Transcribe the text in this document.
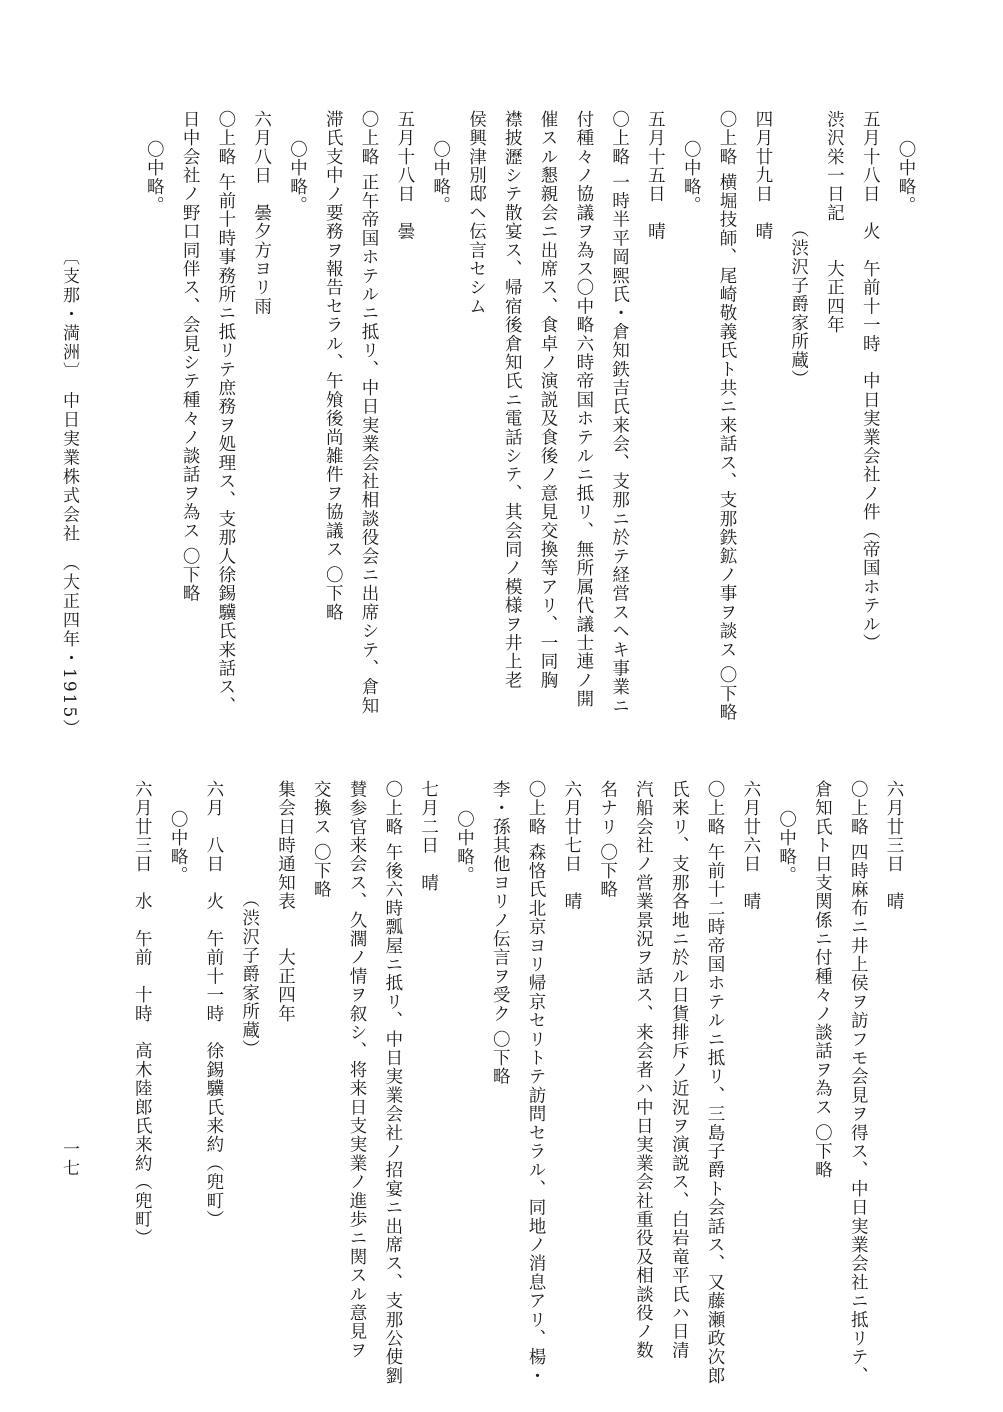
〇中略。
五月十八日　火　午前十一時　中日実業会社ノ件（帝国ホテル）
渋沢栄一日記　　大正四年
（渋沢子爵家所蔵）
四月廿九日　晴
〇上略 横堀技師、尾崎敬義氏ト共ニ来話ス、支那鉄鉱ノ事ヲ談ス 〇下略
〇中略。
五月十五日　晴
〇上略 一時半平岡煕氏・倉知鉄吉氏来会、支那ニ於テ経営スヘキ事業ニ
付種々ノ協議ヲ為ス〇中略六時帝国ホテルニ抵リ、無所属代議士連ノ開
催スル懇親会ニ出席ス、食卓ノ演説及食後ノ意見交換等アリ、一同胸
襟披瀝シテ散宴ス、帰宿後倉知氏ニ電話シテ、其会同ノ模様ヲ井上老
侯興津別邸ヘ伝言セシム
〇中略。
五月十八日　曇
〇上略 正午帝国ホテルニ抵リ、中日実業会社相談役会ニ出席シテ、倉知
滞氏支中ノ要務ヲ報告セラル、午飧後尚雑件ヲ協議ス 〇下略
〇中略。
六月八日　曇夕方ヨリ雨
〇上略 午前十時事務所ニ抵リテ庶務ヲ処理ス、支那人徐錫驥氏来話ス、
日中会社ノ野口同伴ス、会見シテ種々ノ談話ヲ為ス 〇下略
〇中略。
六月廿三日　晴
〇上略 四時麻布ニ井上侯ヲ訪フモ会見ヲ得ス、中日実業会社ニ抵リテ、
倉知氏ト日支関係ニ付種々ノ談話ヲ為ス 〇下略
〇中略。
六月廿六日　晴
〇上略 午前十二時帝国ホテルニ抵リ、三島子爵ト会話ス、又藤瀬政次郎
氏来リ、支那各地ニ於ル日貨排斥ノ近況ヲ演説ス、白岩竜平氏ハ日清
汽船会社ノ営業景況ヲ話ス、来会者ハ中日実業会社重役及相談役ノ数
名ナリ 〇下略
六月廿七日　晴
〇上略 森恪氏北京ヨリ帰京セリトテ訪問セラル、同地ノ消息アリ、楊・
李・孫其他ヨリノ伝言ヲ受ク 〇下略
〇中略。
七月二日　晴
〇上略 午後六時瓢屋ニ抵リ、中日実業会社ノ招宴ニ出席ス、支那公使劉
賛参官来会ス、久濶ノ情ヲ叙シ、将来日支実業ノ進歩ニ関スル意見ヲ
交換ス 〇下略
集会日時通知表　　大正四年
（渋沢子爵家所蔵）
六月　八日　火　午前十一時　徐錫驥氏来約（兜町）
〇中略。
六月廿三日　水　午前　十時　高木陸郎氏来約（兜町）
〔支那・満洲〕　中日実業株式会社　（大正四年・1915）
一七
